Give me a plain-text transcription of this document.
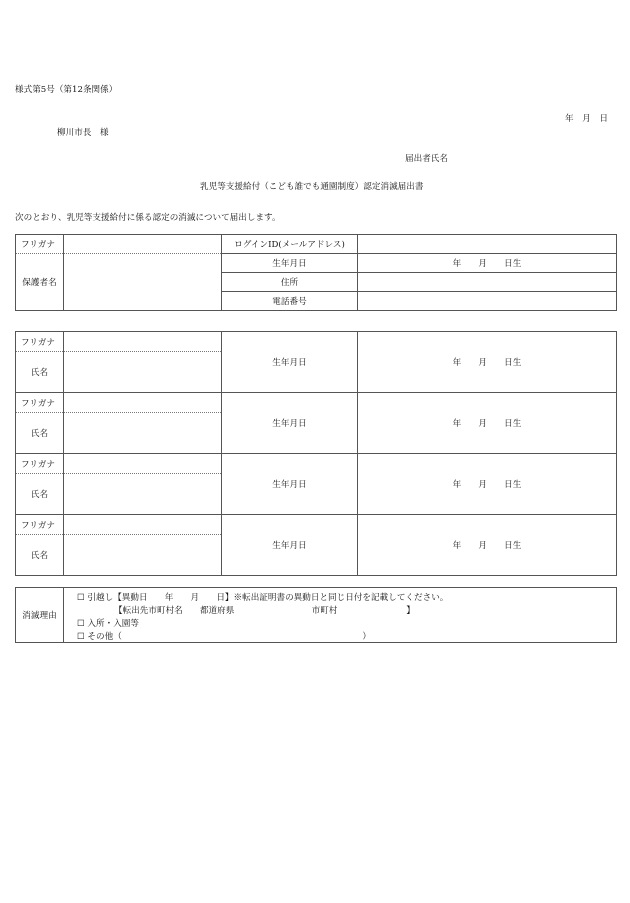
様式第5号（第12条関係）
年　月　日
柳川市長　様
届出者氏名
乳児等支援給付（こども誰でも通園制度）認定消滅届出書
次のとおり、乳児等支援給付に係る認定の消滅について届出します。
フリガナ		ログインID(メールアドレス)	
保護者名		生年月日	年　　月　　日生
		住所	
		電話番号	
フリガナ		生年月日	年　　月　　日生
氏名			
フリガナ		生年月日	年　　月　　日生
氏名			
フリガナ		生年月日	年　　月　　日生
氏名			
フリガナ		生年月日	年　　月　　日生
氏名			
消滅理由	
☐ 引越し【異動日　　年　　月　　日】※転出証明書の異動日と同じ日付を記載してください。
【転出先市町村名　　都道府県　　　　　　　　　市町村　　　　　　　　】
☐ 入所・入園等
☐ その他（　　　　　　　　　　　　　　　　　　　　　　　　　　　　）
